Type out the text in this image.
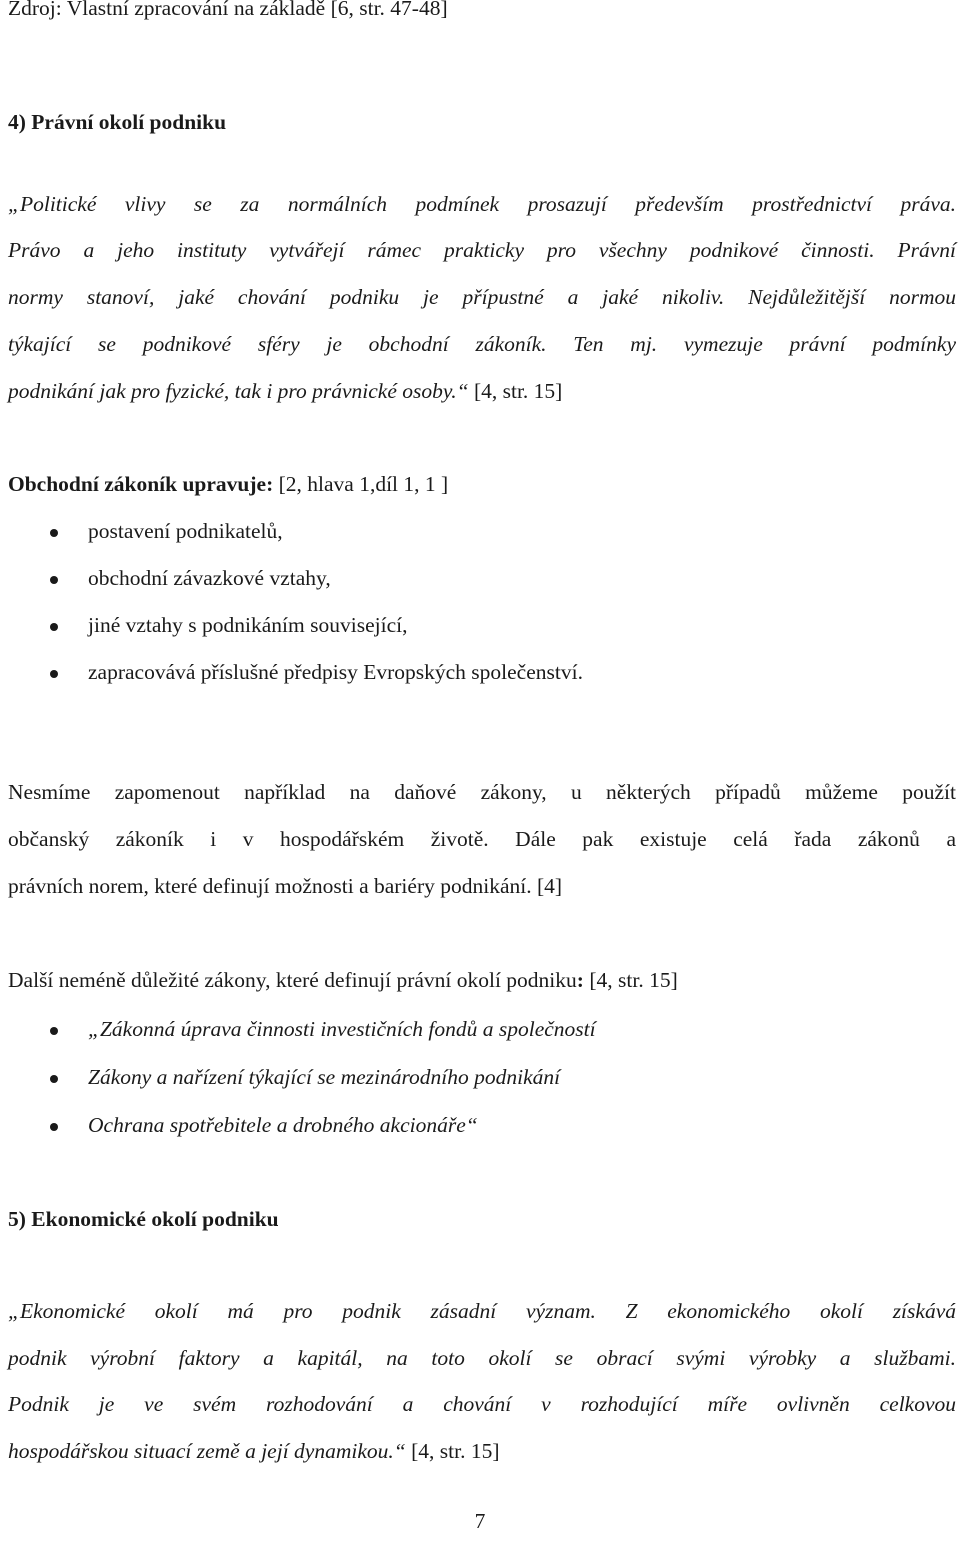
Zdroj: Vlastní zpracování na základě [6, str. 47-48]
4) Právní okolí podniku
„Politické vlivy se za normálních podmínek prosazují především prostřednictví práva.
Právo a jeho instituty vytvářejí rámec prakticky pro všechny podnikové činnosti. Právní
normy stanoví, jaké chování podniku je přípustné a jaké nikoliv. Nejdůležitější normou
týkající se podnikové sféry je obchodní zákoník. Ten mj. vymezuje právní podmínky
podnikání jak pro fyzické, tak i pro právnické osoby.“ [4, str. 15]
Obchodní zákoník upravuje: [2, hlava 1,díl 1, 1 ]
postavení podnikatelů,
obchodní závazkové vztahy,
jiné vztahy s podnikáním související,
zapracovává příslušné předpisy Evropských společenství.
Nesmíme zapomenout například na daňové zákony, u některých případů můžeme použít
občanský zákoník i v hospodářském životě. Dále pak existuje celá řada zákonů a
právních norem, které definují možnosti a bariéry podnikání. [4]
Další neméně důležité zákony, které definují právní okolí podniku: [4, str. 15]
„Zákonná úprava činnosti investičních fondů a společností
Zákony a nařízení týkající se mezinárodního podnikání
Ochrana spotřebitele a drobného akcionáře“
5) Ekonomické okolí podniku
„Ekonomické okolí má pro podnik zásadní význam. Z ekonomického okolí získává
podnik výrobní faktory a kapitál, na toto okolí se obrací svými výrobky a službami.
Podnik je ve svém rozhodování a chování v rozhodující míře ovlivněn celkovou
hospodářskou situací země a její dynamikou.“ [4, str. 15]
7
